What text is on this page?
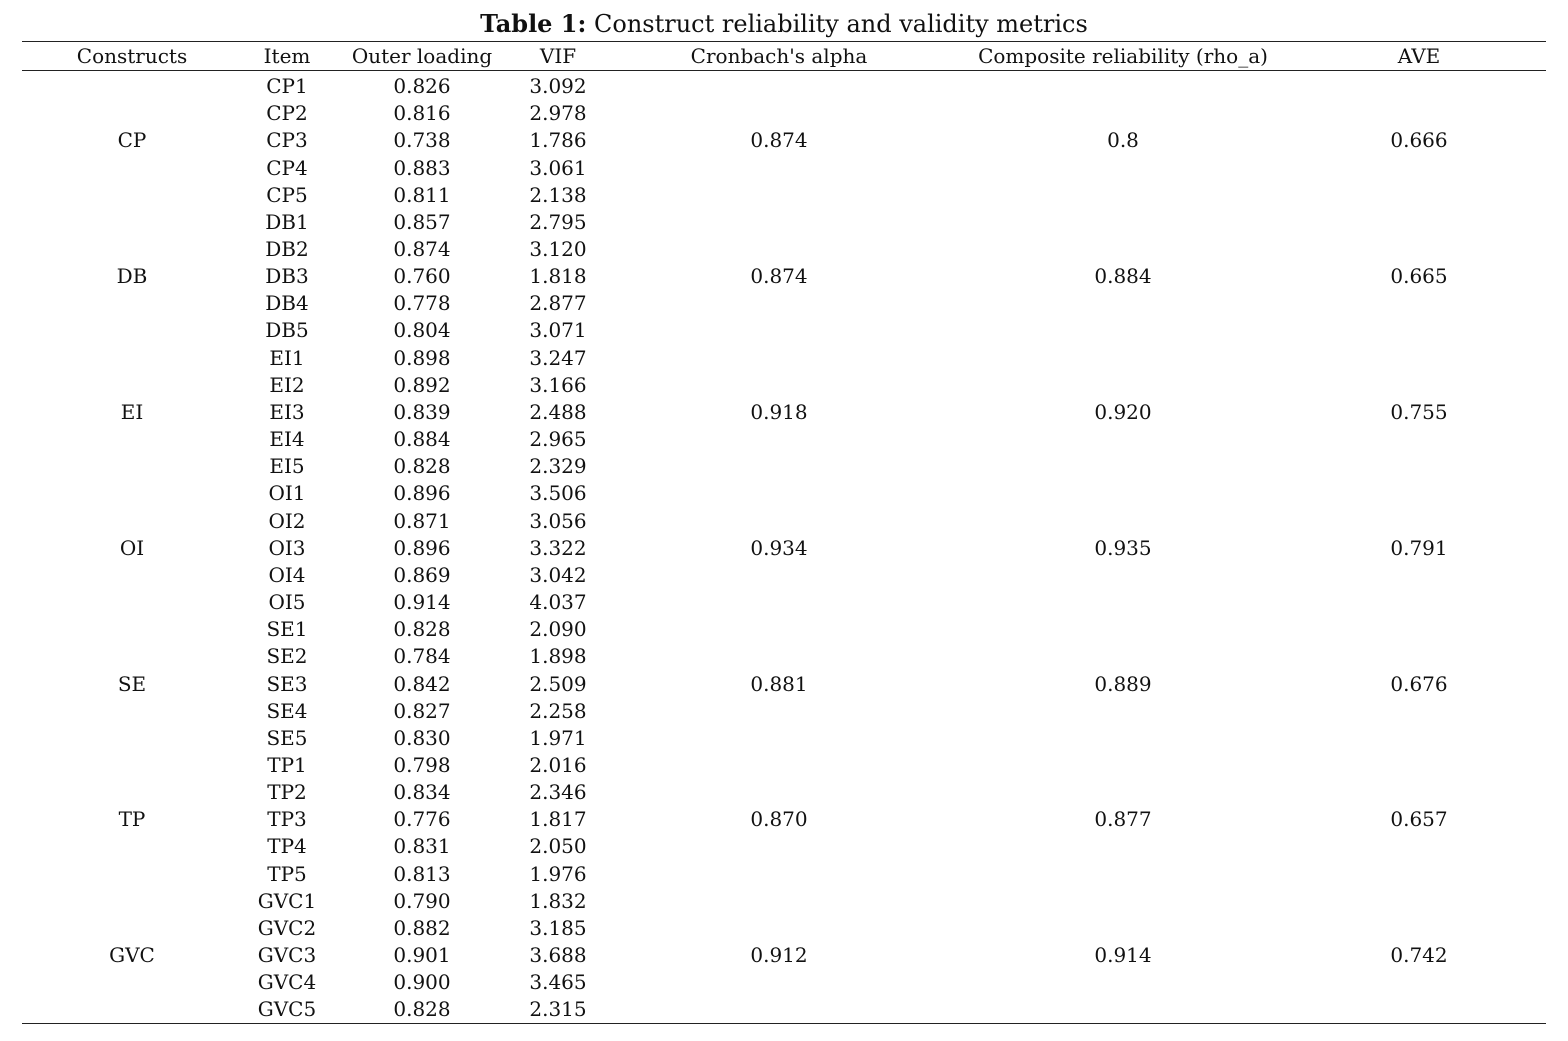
Table 1: Construct reliability and validity metrics
Constructs	Item	Outer loading	VIF	Cronbach's alpha	Composite reliability (rho_a)	AVE
CP	CP1	0.826	3.092	0.874	0.8	0.666
	CP2	0.816	2.978			
	CP3	0.738	1.786			
	CP4	0.883	3.061			
	CP5	0.811	2.138			
DB	DB1	0.857	2.795	0.874	0.884	0.665
	DB2	0.874	3.120			
	DB3	0.760	1.818			
	DB4	0.778	2.877			
	DB5	0.804	3.071			
EI	EI1	0.898	3.247	0.918	0.920	0.755
	EI2	0.892	3.166			
	EI3	0.839	2.488			
	EI4	0.884	2.965			
	EI5	0.828	2.329			
OI	OI1	0.896	3.506	0.934	0.935	0.791
	OI2	0.871	3.056			
	OI3	0.896	3.322			
	OI4	0.869	3.042			
	OI5	0.914	4.037			
SE	SE1	0.828	2.090	0.881	0.889	0.676
	SE2	0.784	1.898			
	SE3	0.842	2.509			
	SE4	0.827	2.258			
	SE5	0.830	1.971			
TP	TP1	0.798	2.016	0.870	0.877	0.657
	TP2	0.834	2.346			
	TP3	0.776	1.817			
	TP4	0.831	2.050			
	TP5	0.813	1.976			
GVC	GVC1	0.790	1.832	0.912	0.914	0.742
	GVC2	0.882	3.185			
	GVC3	0.901	3.688			
	GVC4	0.900	3.465			
	GVC5	0.828	2.315			
